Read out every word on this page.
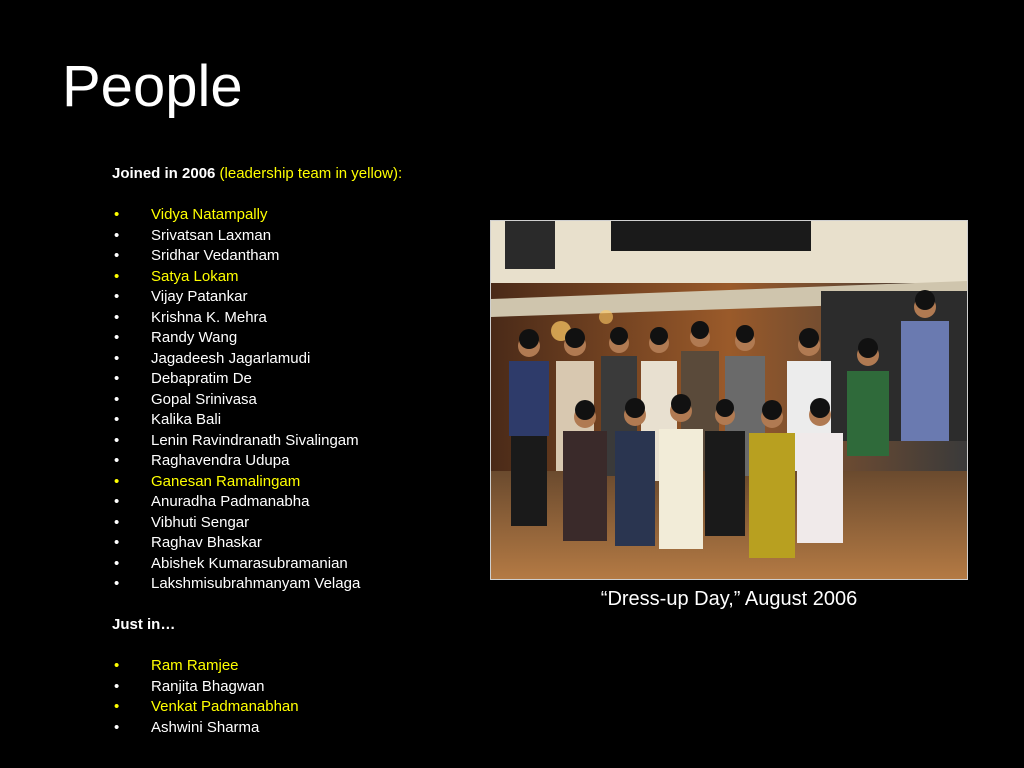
People
Joined in 2006 (leadership team in yellow):
• Vidya Natampally
• Srivatsan Laxman
• Sridhar Vedantham
• Satya Lokam
• Vijay Patankar
• Krishna K. Mehra
• Randy Wang
• Jagadeesh Jagarlamudi
• Debapratim De
• Gopal Srinivasa
• Kalika Bali
• Lenin Ravindranath Sivalingam
• Raghavendra Udupa
• Ganesan Ramalingam
• Anuradha Padmanabha
• Vibhuti Sengar
• Raghav Bhaskar
• Abishek Kumarasubramanian
• Lakshmisubrahmanyam Velaga
Just in…
• Ram Ramjee
• Ranjita Bhagwan
• Venkat Padmanabhan
• Ashwini Sharma
“Dress-up Day,” August 2006
